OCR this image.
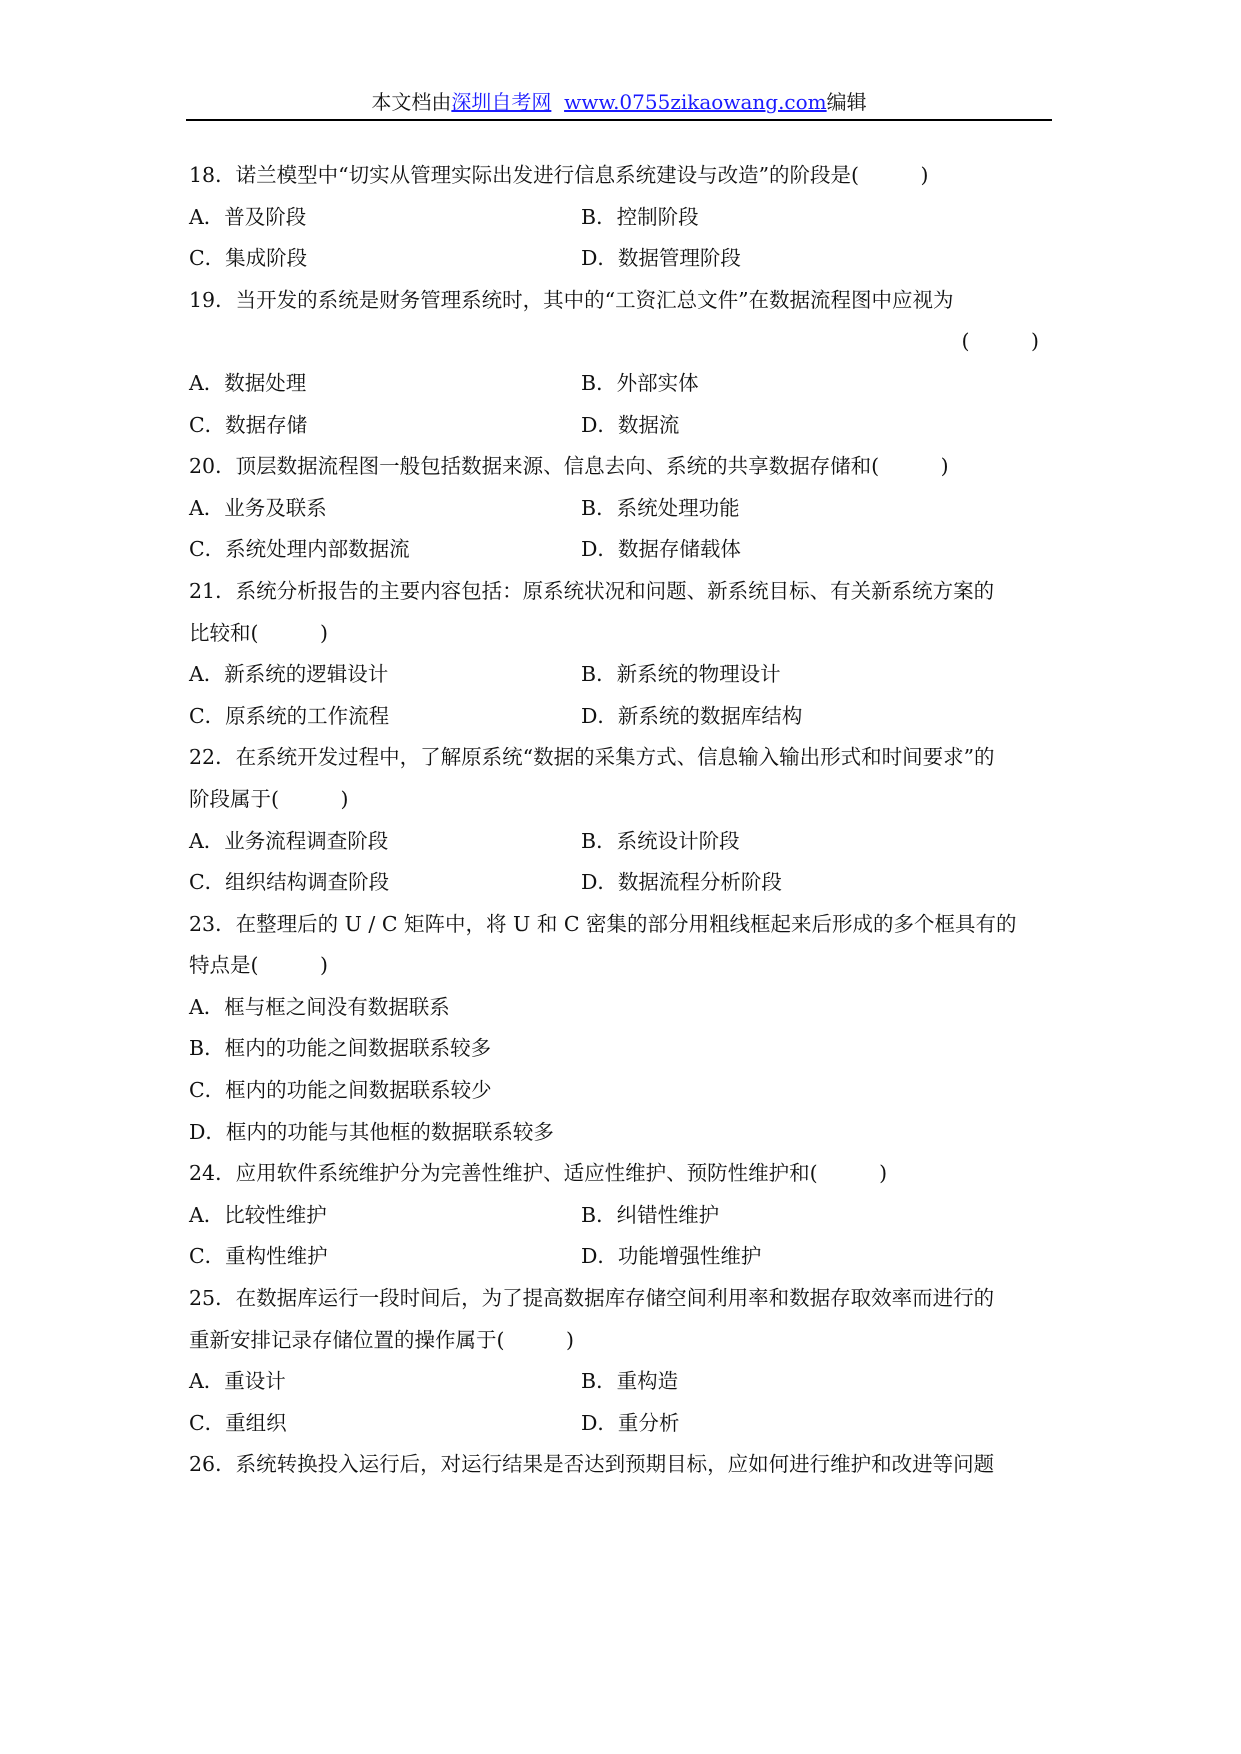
本文档由深圳自考网 www.0755zikaowang.com编辑
18．诺兰模型中“切实从管理实际出发进行信息系统建设与改造”的阶段是(　　　)
A．普及阶段	B．控制阶段
C．集成阶段	D．数据管理阶段
19．当开发的系统是财务管理系统时，其中的“工资汇总文件”在数据流程图中应视为
(　　　)
A．数据处理	B．外部实体
C．数据存储	D．数据流
20．顶层数据流程图一般包括数据来源、信息去向、系统的共享数据存储和(　　　)
A．业务及联系	B．系统处理功能
C．系统处理内部数据流	D．数据存储载体
21．系统分析报告的主要内容包括：原系统状况和问题、新系统目标、有关新系统方案的
比较和(　　　)
A．新系统的逻辑设计	B．新系统的物理设计
C．原系统的工作流程	D．新系统的数据库结构
22．在系统开发过程中，了解原系统“数据的采集方式、信息输入输出形式和时间要求”的
阶段属于(　　　)
A．业务流程调查阶段	B．系统设计阶段
C．组织结构调查阶段	D．数据流程分析阶段
23．在整理后的 U / C 矩阵中，将 U 和 C 密集的部分用粗线框起来后形成的多个框具有的
特点是(　　　)
A．框与框之间没有数据联系
B．框内的功能之间数据联系较多
C．框内的功能之间数据联系较少
D．框内的功能与其他框的数据联系较多
24．应用软件系统维护分为完善性维护、适应性维护、预防性维护和(　　　)
A．比较性维护	B．纠错性维护
C．重构性维护	D．功能增强性维护
25．在数据库运行一段时间后，为了提高数据库存储空间利用率和数据存取效率而进行的
重新安排记录存储位置的操作属于(　　　)
A．重设计	B．重构造
C．重组织	D．重分析
26．系统转换投入运行后，对运行结果是否达到预期目标，应如何进行维护和改进等问题
